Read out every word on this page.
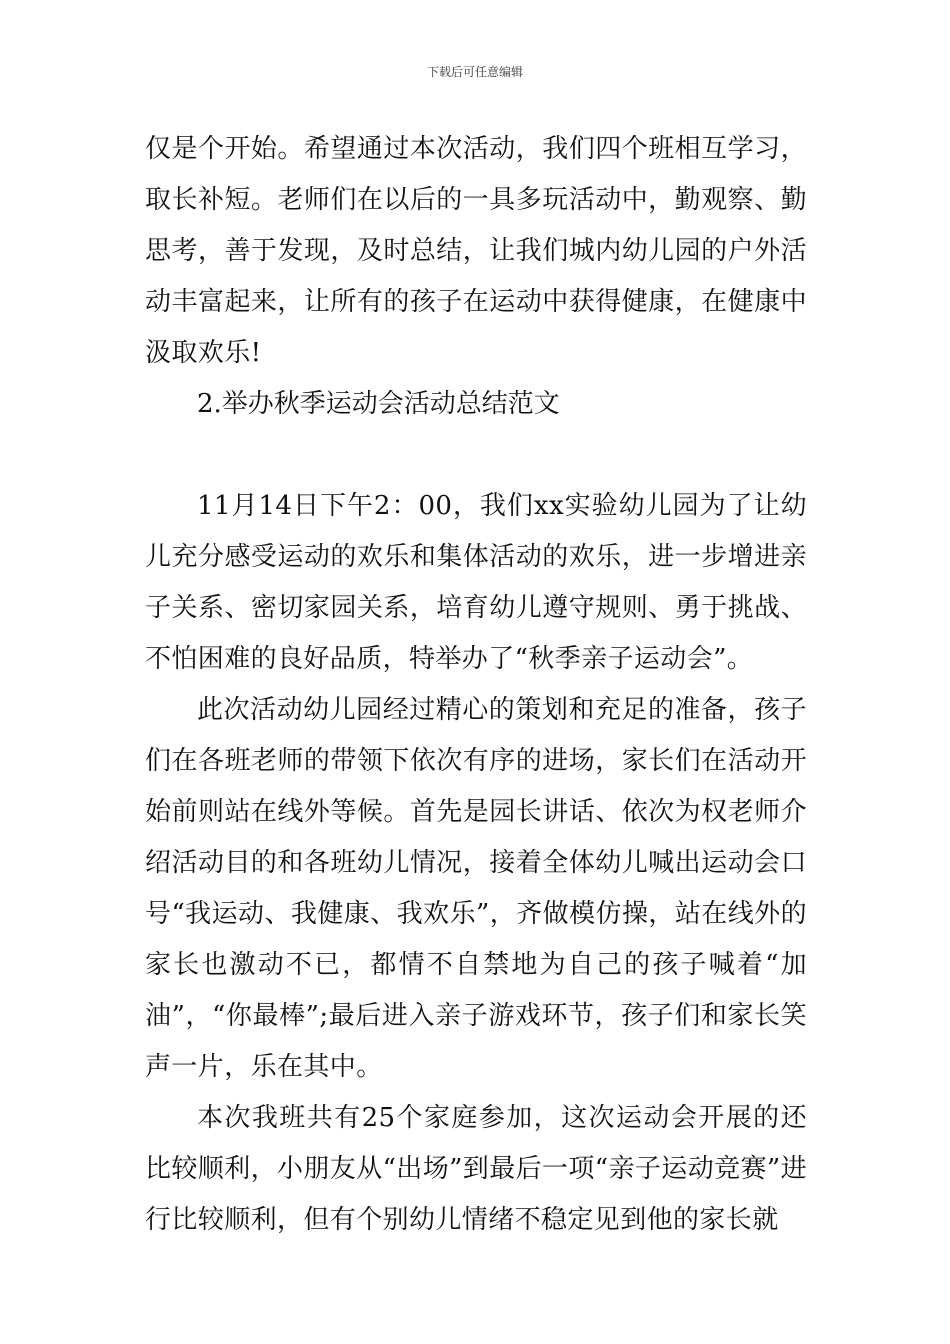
下载后可任意编辑

仅是个开始。希望通过本次活动，我们四个班相互学习，取长补短。老师们在以后的一具多玩活动中，勤观察、勤思考，善于发现，及时总结，让我们城内幼儿园的户外活动丰富起来，让所有的孩子在运动中获得健康，在健康中汲取欢乐!

2.举办秋季运动会活动总结范文

11月14日下午2：00，我们xx实验幼儿园为了让幼儿充分感受运动的欢乐和集体活动的欢乐，进一步增进亲子关系、密切家园关系，培育幼儿遵守规则、勇于挑战、不怕困难的良好品质，特举办了“秋季亲子运动会”。

此次活动幼儿园经过精心的策划和充足的准备，孩子们在各班老师的带领下依次有序的进场，家长们在活动开始前则站在线外等候。首先是园长讲话、依次为权老师介绍活动目的和各班幼儿情况，接着全体幼儿喊出运动会口号“我运动、我健康、我欢乐”，齐做模仿操，站在线外的家长也激动不已，都情不自禁地为自己的孩子喊着“加油”，“你最棒”;最后进入亲子游戏环节，孩子们和家长笑声一片，乐在其中。

本次我班共有25个家庭参加，这次运动会开展的还比较顺利，小朋友从“出场”到最后一项“亲子运动竞赛”进行比较顺利，但有个别幼儿情绪不稳定见到他的家长就
